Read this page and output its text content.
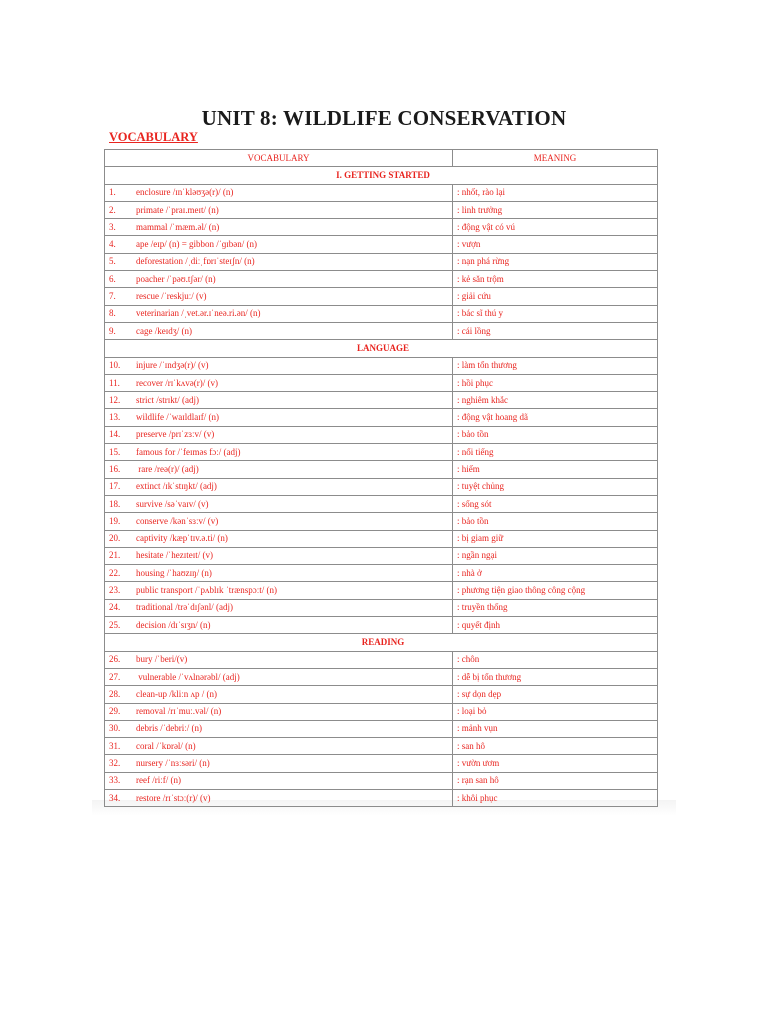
UNIT 8: WILDLIFE CONSERVATION
VOCABULARY
VOCABULARY	MEANING
I. GETTING STARTED	
1. enclosure /ɪnˈkləʊʒə(r)/ (n)	: nhốt, rào lại
2. primate /ˈpraɪ.meɪt/ (n)	: linh trưởng
3. mammal /ˈmæm.əl/ (n)	: động vật có vú
4. ape /eɪp/ (n) = gibbon /ˈɡɪbən/ (n)	: vượn
5. deforestation /ˌdiːˌfɒrɪˈsteɪʃn/ (n)	: nạn phá rừng
6. poacher /ˈpəʊ.tʃər/ (n)	: kẻ săn trộm
7. rescue /ˈreskjuː/ (v)	: giải cứu
8. veterinarian /ˌvet.ər.ɪˈneə.ri.ən/ (n)	: bác sĩ thú y
9. cage /keɪdʒ/ (n)	: cái lồng
LANGUAGE	
10. injure /ˈɪndʒə(r)/ (v)	: làm tổn thương
11. recover /rɪˈkʌvə(r)/ (v)	: hồi phục
12. strict /strɪkt/ (adj)	: nghiêm khắc
13. wildlife /ˈwaɪldlaɪf/ (n)	: động vật hoang dã
14. preserve /prɪˈzɜːv/ (v)	: bảo tồn
15. famous for /ˈfeɪməs fɔː/ (adj)	: nổi tiếng
16. rare /reə(r)/ (adj)	: hiếm
17. extinct /ɪkˈstɪŋkt/ (adj)	: tuyệt chủng
18. survive /səˈvaɪv/ (v)	: sống sót
19. conserve /kənˈsɜːv/ (v)	: bảo tồn
20. captivity /kæpˈtɪv.ə.ti/ (n)	: bị giam giữ
21. hesitate /ˈhezɪteɪt/ (v)	: ngần ngại
22. housing /ˈhaʊzɪŋ/ (n)	: nhà ở
23. public transport /ˈpʌblɪk ˈtrænspɔːt/ (n)	: phương tiện giao thông công cộng
24. traditional /trəˈdɪʃənl/ (adj)	: truyền thống
25. decision /dɪˈsɪʒn/ (n)	: quyết định
READING	
26. bury /ˈberi/(v)	: chôn
27. vulnerable /ˈvʌlnərəbl/ (adj)	: dễ bị tổn thương
28. clean-up /kliːn ʌp / (n)	: sự dọn dẹp
29. removal /rɪˈmuː.vəl/ (n)	: loại bỏ
30. debris /ˈdebriː/ (n)	: mảnh vụn
31. coral /ˈkɒrəl/ (n)	: san hô
32. nursery /ˈnɜːsəri/ (n)	: vườn ươm
33. reef /riːf/ (n)	: rạn san hô
34. restore /rɪˈstɔː(r)/ (v)	: khôi phục
